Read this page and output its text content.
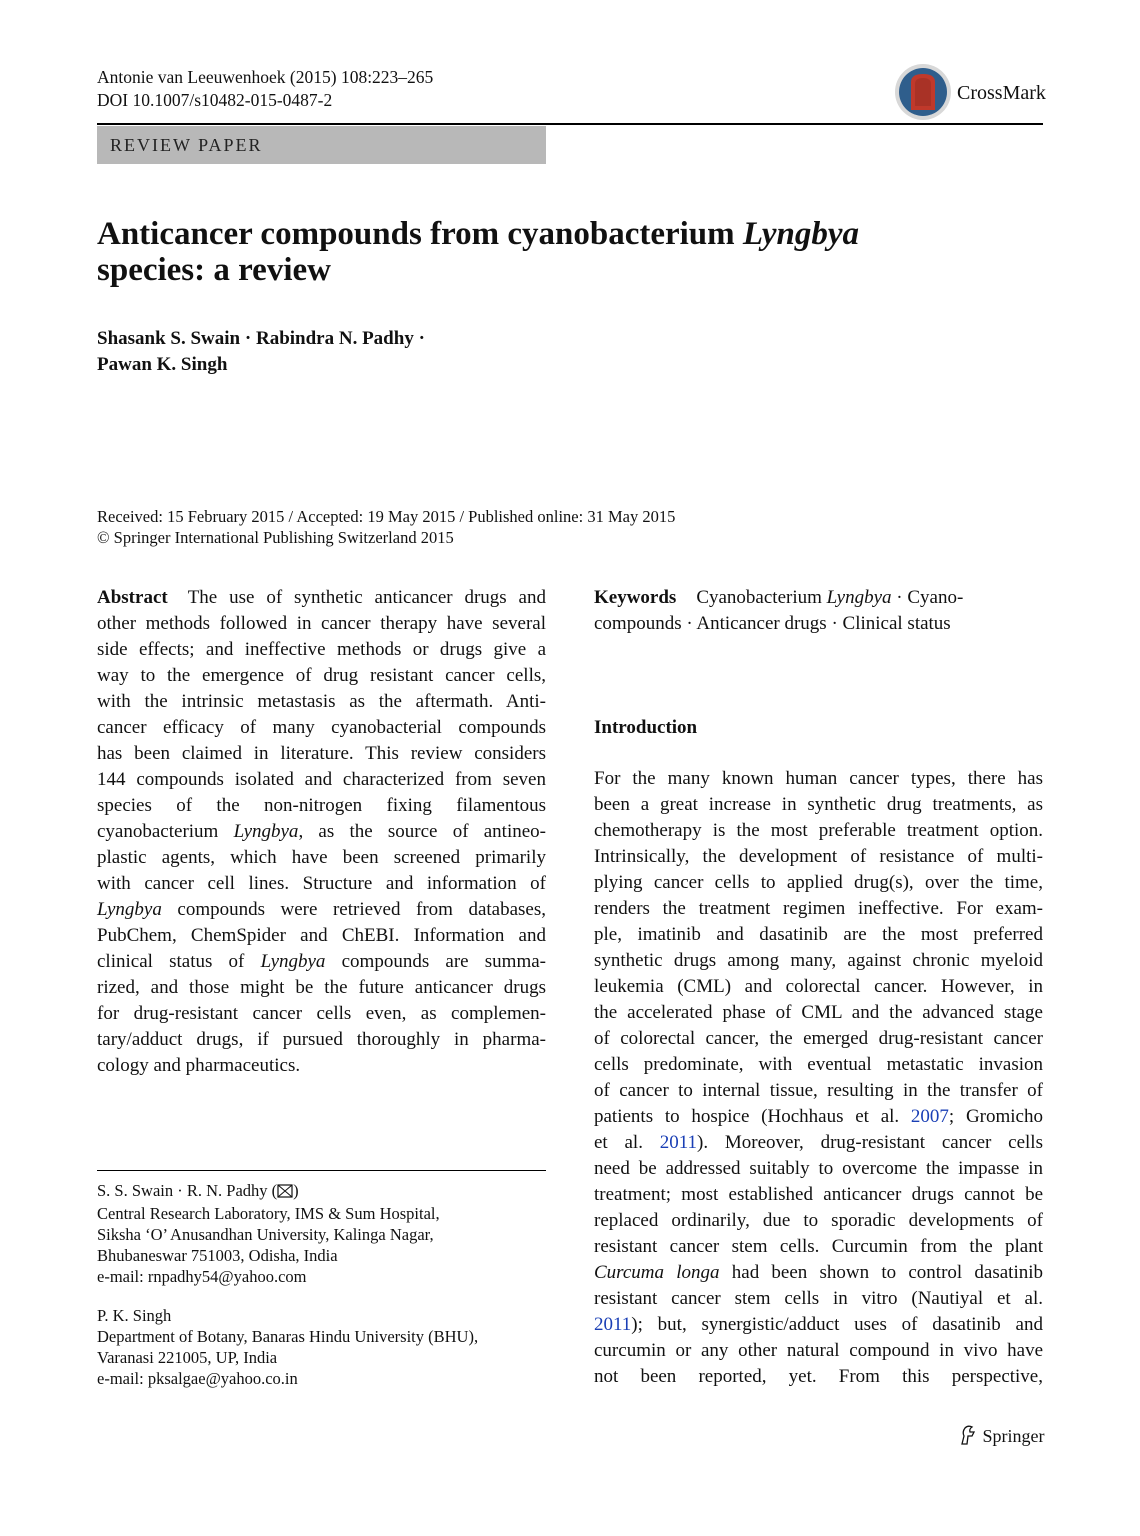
Antonie van Leeuwenhoek (2015) 108:223–265
DOI 10.1007/s10482-015-0487-2	CrossMark
REVIEW PAPER
Anticancer compounds from cyanobacterium Lyngbya
species: a review
Shasank S. Swain · Rabindra N. Padhy ·
Pawan K. Singh
Received: 15 February 2015 / Accepted: 19 May 2015 / Published online: 31 May 2015
© Springer International Publishing Switzerland 2015
Abstract The use of synthetic anticancer drugs and
other methods followed in cancer therapy have several
side effects; and ineffective methods or drugs give a
way to the emergence of drug resistant cancer cells,
with the intrinsic metastasis as the aftermath. Anti-
cancer efficacy of many cyanobacterial compounds
has been claimed in literature. This review considers
144 compounds isolated and characterized from seven
species of the non-nitrogen fixing filamentous
cyanobacterium Lyngbya, as the source of antineo-
plastic agents, which have been screened primarily
with cancer cell lines. Structure and information of
Lyngbya compounds were retrieved from databases,
PubChem, ChemSpider and ChEBI. Information and
clinical status of Lyngbya compounds are summa-
rized, and those might be the future anticancer drugs
for drug-resistant cancer cells even, as complemen-
tary/adduct drugs, if pursued thoroughly in pharma-
cology and pharmaceutics.
Keywords Cyanobacterium Lyngbya · Cyano-
compounds · Anticancer drugs · Clinical status
Introduction
For the many known human cancer types, there has
been a great increase in synthetic drug treatments, as
chemotherapy is the most preferable treatment option.
Intrinsically, the development of resistance of multi-
plying cancer cells to applied drug(s), over the time,
renders the treatment regimen ineffective. For exam-
ple, imatinib and dasatinib are the most preferred
synthetic drugs among many, against chronic myeloid
leukemia (CML) and colorectal cancer. However, in
the accelerated phase of CML and the advanced stage
of colorectal cancer, the emerged drug-resistant cancer
cells predominate, with eventual metastatic invasion
of cancer to internal tissue, resulting in the transfer of
patients to hospice (Hochhaus et al. 2007; Gromicho
et al. 2011). Moreover, drug-resistant cancer cells
need be addressed suitably to overcome the impasse in
treatment; most established anticancer drugs cannot be
replaced ordinarily, due to sporadic developments of
resistant cancer stem cells. Curcumin from the plant
Curcuma longa had been shown to control dasatinib
resistant cancer stem cells in vitro (Nautiyal et al.
2011); but, synergistic/adduct uses of dasatinib and
curcumin or any other natural compound in vivo have
not been reported, yet. From this perspective,
S. S. Swain · R. N. Padhy ( )
Central Research Laboratory, IMS & Sum Hospital,
Siksha ‘O’ Anusandhan University, Kalinga Nagar,
Bhubaneswar 751003, Odisha, India
e-mail: rnpadhy54@yahoo.com
P. K. Singh
Department of Botany, Banaras Hindu University (BHU),
Varanasi 221005, UP, India
e-mail: pksalgae@yahoo.co.in
Springer
